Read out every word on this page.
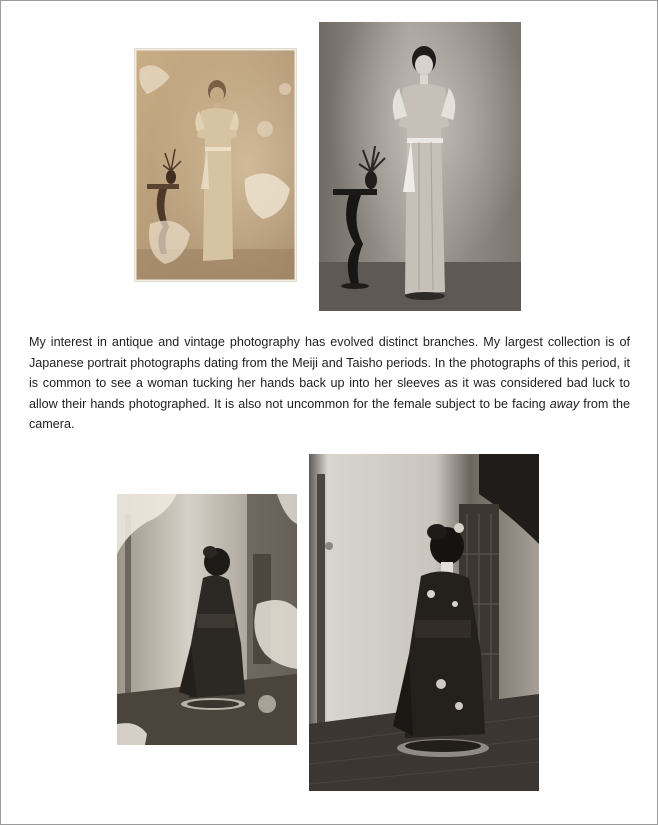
My interest in antique and vintage photography has evolved distinct branches. My largest collection is of Japanese portrait photographs dating from the Meiji and Taisho periods. In the photographs of this period, it is common to see a woman tucking her hands back up into her sleeves as it was considered bad luck to allow their hands photographed. It is also not uncommon for the female subject to be facing away from the camera.
